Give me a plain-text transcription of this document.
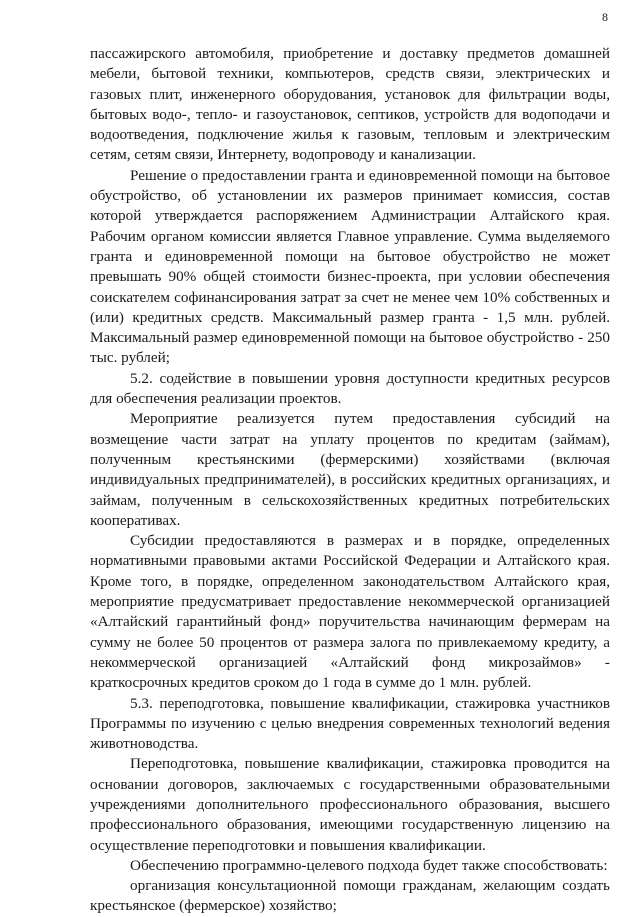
8

пассажирского автомобиля, приобретение и доставку предметов домашней мебели, бытовой техники, компьютеров, средств связи, электрических и газовых плит, инженерного оборудования, установок для фильтрации воды, бытовых водо-, тепло- и газоустановок, септиков, устройств для водоподачи и водоотведения, подключение жилья к газовым, тепловым и электрическим сетям, сетям связи, Интернету, водопроводу и канализации.

Решение о предоставлении гранта и единовременной помощи на бытовое обустройство, об установлении их размеров принимает комиссия, состав которой утверждается распоряжением Администрации Алтайского края. Рабочим органом комиссии является Главное управление. Сумма выделяемого гранта и единовременной помощи на бытовое обустройство не может превышать 90% общей стоимости бизнес-проекта, при условии обеспечения соискателем софинансирования затрат за счет не менее чем 10% собственных и (или) кредитных средств. Максимальный размер гранта - 1,5 млн. рублей. Максимальный размер единовременной помощи на бытовое обустройство - 250 тыс. рублей;

5.2. содействие в повышении уровня доступности кредитных ресурсов для обеспечения реализации проектов.

Мероприятие реализуется путем предоставления субсидий на возмещение части затрат на уплату процентов по кредитам (займам), полученным крестьянскими (фермерскими) хозяйствами (включая индивидуальных предпринимателей), в российских кредитных организациях, и займам, полученным в сельскохозяйственных кредитных потребительских кооперативах.

Субсидии предоставляются в размерах и в порядке, определенных нормативными правовыми актами Российской Федерации и Алтайского края. Кроме того, в порядке, определенном законодательством Алтайского края, мероприятие предусматривает предоставление некоммерческой организацией «Алтайский гарантийный фонд» поручительства начинающим фермерам на сумму не более 50 процентов от размера залога по привлекаемому кредиту, а некоммерческой организацией «Алтайский фонд микрозаймов» - краткосрочных кредитов сроком до 1 года в сумме до 1 млн. рублей.

5.3. переподготовка, повышение квалификации, стажировка участников Программы по изучению с целью внедрения современных технологий ведения животноводства.

Переподготовка, повышение квалификации, стажировка проводится на основании договоров, заключаемых с государственными образовательными учреждениями дополнительного профессионального образования, высшего профессионального образования, имеющими государственную лицензию на осуществление переподготовки и повышения квалификации.

Обеспечению программно-целевого подхода будет также способствовать:

организация консультационной помощи гражданам, желающим создать крестьянское (фермерское) хозяйство;
